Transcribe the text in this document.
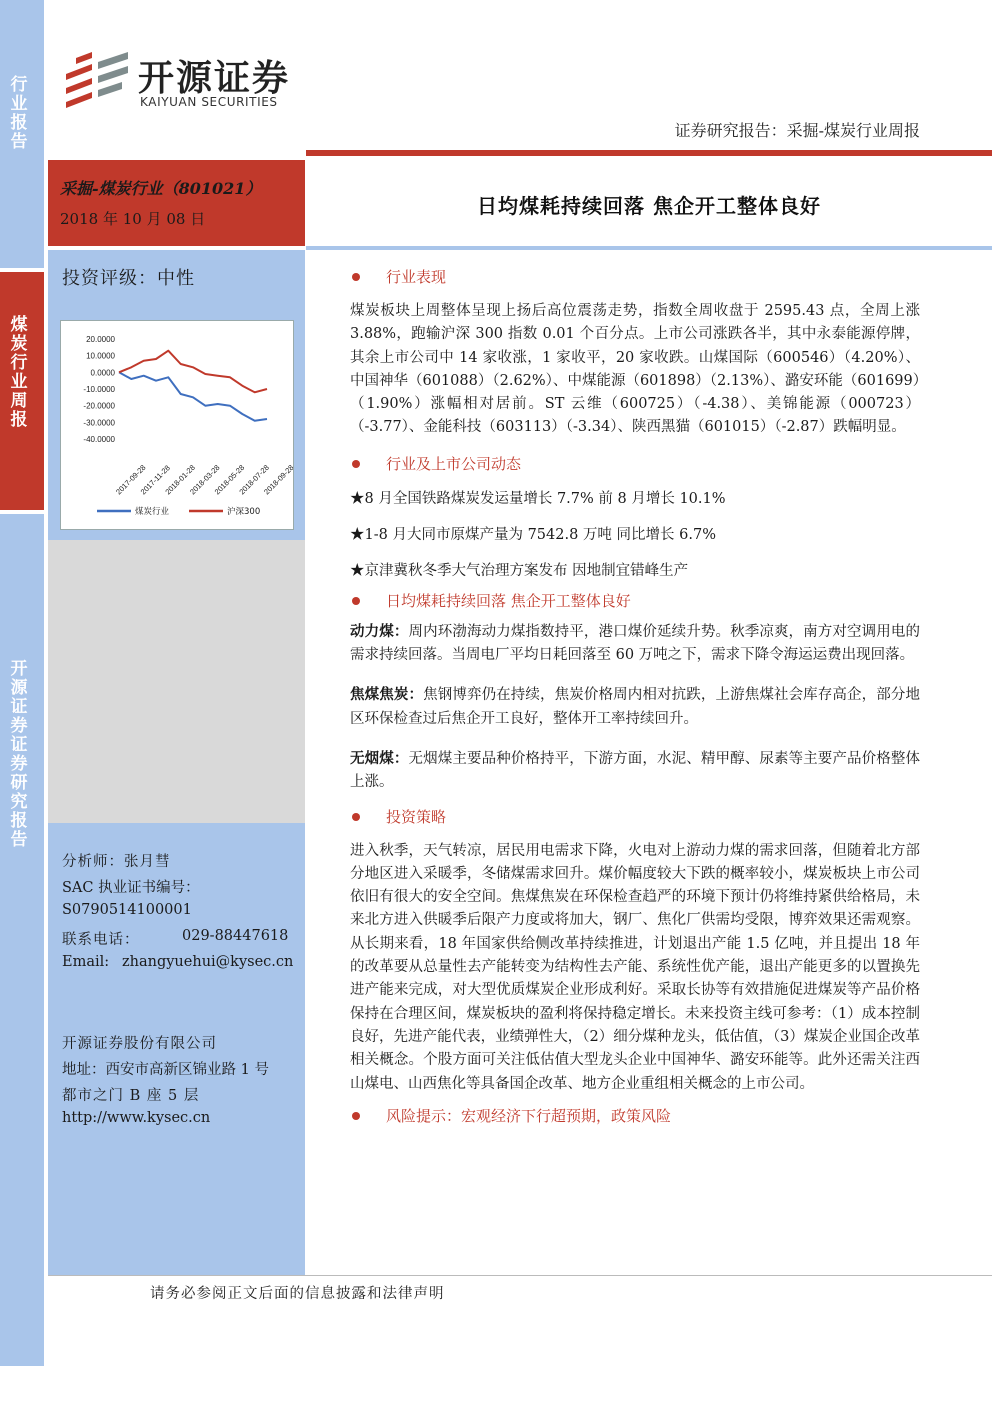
行业报告
煤炭行业周报
开源证券证券研究报告
开源证券
KAIYUAN SECURITIES
证券研究报告：采掘-煤炭行业周报
采掘-煤炭行业（801021）
2018 年 10 月 08 日
投资评级：中性
20.0000
10.0000
0.0000
-10.0000
-20.0000
-30.0000
-40.0000
2017-09-28
2017-11-28
2018-01-28
2018-03-28
2018-05-28
2018-07-28
2018-09-28
煤炭行业	沪深300
分析师：张月彗
SAC 执业证书编号：
S0790514100001
联系电话：	029-88447618
Email: zhangyuehui@kysec.cn
开源证券股份有限公司
地址：西安市高新区锦业路 1 号
都市之门 B 座 5 层
http://www.kysec.cn
日均煤耗持续回落 焦企开工整体良好
行业表现

煤炭板块上周整体呈现上扬后高位震荡走势，指数全周收盘于 2595.43 点，全周上涨 3.88%，跑输沪深 300 指数 0.01 个百分点。上市公司涨跌各半，其中永泰能源停牌，其余上市公司中 14 家收涨，1 家收平，20 家收跌。山煤国际（600546）（4.20%）、中国神华（601088）（2.62%）、中煤能源（601898）（2.13%）、潞安环能（601699）（1.90%）涨幅相对居前。ST 云维（600725）（-4.38）、美锦能源（000723）（-3.77）、金能科技（603113）（-3.34）、陕西黑猫（601015）（-2.87）跌幅明显。

行业及上市公司动态

★8 月全国铁路煤炭发运量增长 7.7% 前 8 月增长 10.1%

★1-8 月大同市原煤产量为 7542.8 万吨 同比增长 6.7%

★京津冀秋冬季大气治理方案发布 因地制宜错峰生产

日均煤耗持续回落 焦企开工整体良好

动力煤：周内环渤海动力煤指数持平，港口煤价延续升势。秋季凉爽，南方对空调用电的需求持续回落。当周电厂平均日耗回落至 60 万吨之下，需求下降令海运运费出现回落。

焦煤焦炭：焦钢博弈仍在持续，焦炭价格周内相对抗跌，上游焦煤社会库存高企，部分地区环保检查过后焦企开工良好，整体开工率持续回升。

无烟煤：无烟煤主要品种价格持平，下游方面，水泥、精甲醇、尿素等主要产品价格整体上涨。

投资策略

进入秋季，天气转凉，居民用电需求下降，火电对上游动力煤的需求回落，但随着北方部分地区进入采暖季，冬储煤需求回升。煤价幅度较大下跌的概率较小，煤炭板块上市公司依旧有很大的安全空间。焦煤焦炭在环保检查趋严的环境下预计仍将维持紧供给格局，未来北方进入供暖季后限产力度或将加大，钢厂、焦化厂供需均受限，博弈效果还需观察。从长期来看，18 年国家供给侧改革持续推进，计划退出产能 1.5 亿吨，并且提出 18 年的改革要从总量性去产能转变为结构性去产能、系统性优产能，退出产能更多的以置换先进产能来完成，对大型优质煤炭企业形成利好。采取长协等有效措施促进煤炭等产品价格保持在合理区间，煤炭板块的盈利将保持稳定增长。未来投资主线可参考：（1）成本控制良好，先进产能代表，业绩弹性大，（2）细分煤种龙头，低估值，（3）煤炭企业国企改革相关概念。个股方面可关注低估值大型龙头企业中国神华、潞安环能等。此外还需关注西山煤电、山西焦化等具备国企改革、地方企业重组相关概念的上市公司。

风险提示：宏观经济下行超预期，政策风险
请务必参阅正文后面的信息披露和法律声明
